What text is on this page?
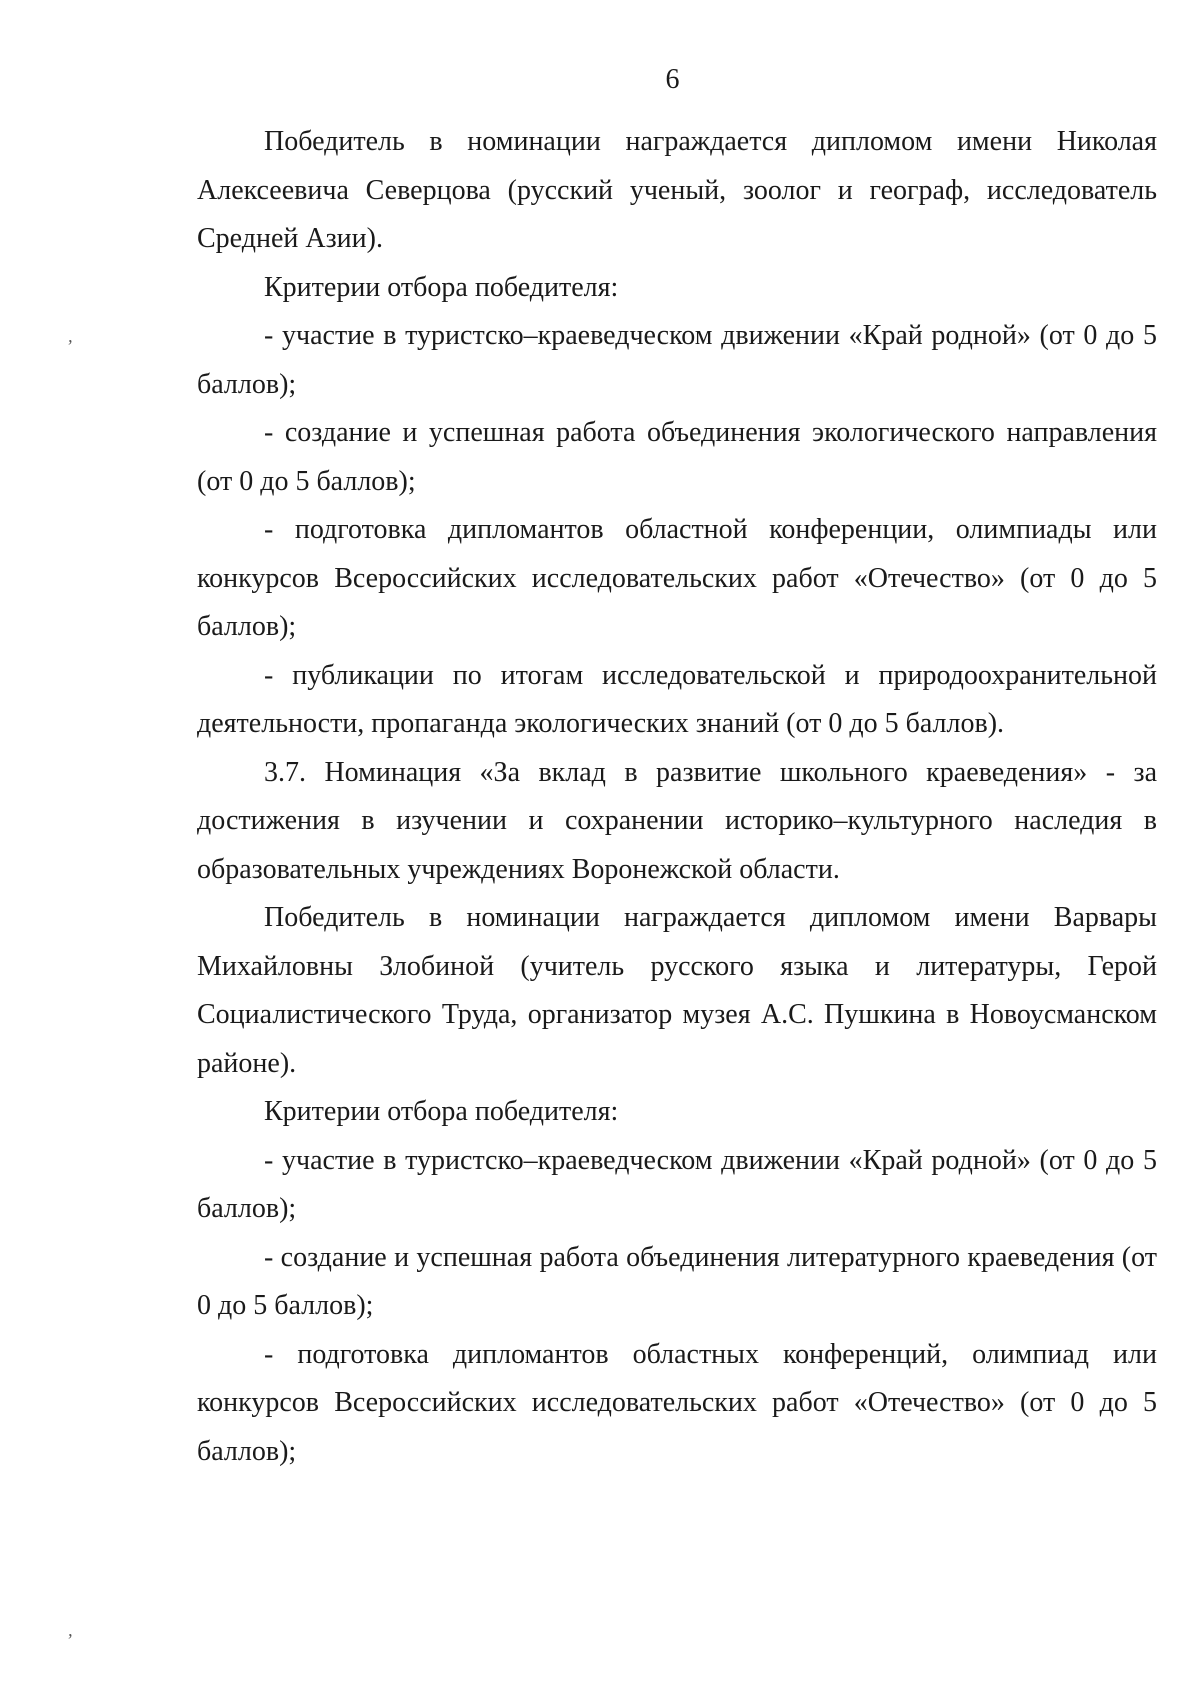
6
ʼ
ʼ

Победитель в номинации награждается дипломом имени Николая Алексеевича Северцова (русский ученый, зоолог и географ, исследователь Средней Азии).

Критерии отбора победителя:

- участие в туристско–краеведческом движении «Край родной» (от 0 до 5 баллов);

- создание и успешная работа объединения экологического направления (от 0 до 5 баллов);

- подготовка дипломантов областной конференции, олимпиады или конкурсов Всероссийских исследовательских работ «Отечество» (от 0 до 5 баллов);

- публикации по итогам исследовательской и природоохранительной деятельности, пропаганда экологических знаний (от 0 до 5 баллов).

3.7. Номинация «За вклад в развитие школьного краеведения» - за достижения в изучении и сохранении историко–культурного наследия в образовательных учреждениях Воронежской области.

Победитель в номинации награждается дипломом имени Варвары Михайловны Злобиной (учитель русского языка и литературы, Герой Социалистического Труда, организатор музея А.С. Пушкина в Новоусманском районе).

Критерии отбора победителя:

- участие в туристско–краеведческом движении «Край родной» (от 0 до 5 баллов);

- создание и успешная работа объединения литературного краеведения (от 0 до 5 баллов);

- подготовка дипломантов областных конференций, олимпиад или конкурсов Всероссийских исследовательских работ «Отечество» (от 0 до 5 баллов);
